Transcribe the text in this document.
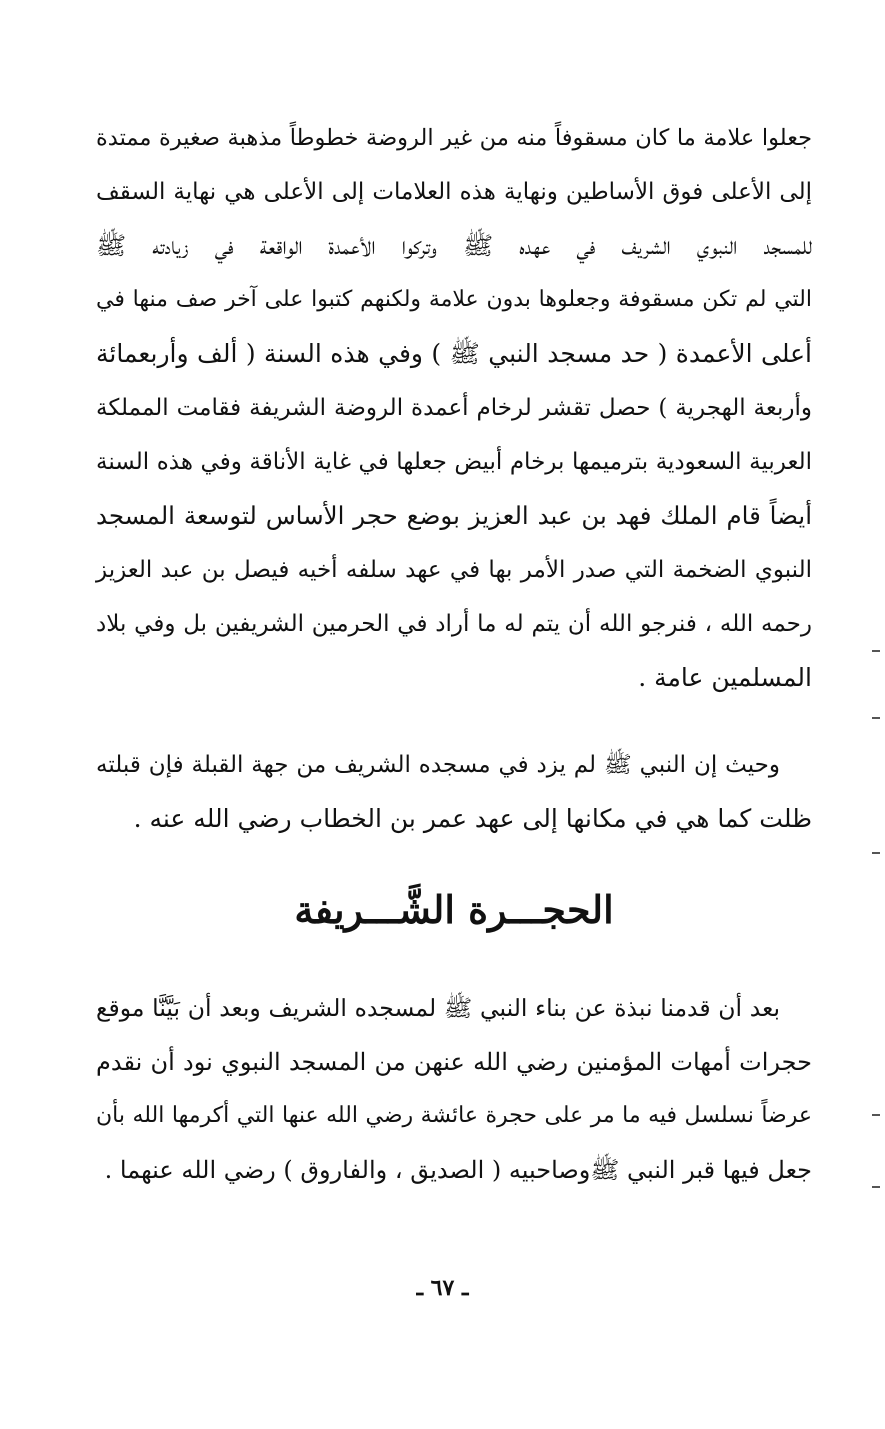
جعلوا علامة ما كان مسقوفاً منه من غير الروضة خطوطاً مذهبة صغيرة ممتدة
إلى الأعلى فوق الأساطين ونهاية هذه العلامات إلى الأعلى هي نهاية السقف
للمسجد النبوي الشريف في عهده ﷺ وتركوا الأعمدة الواقعة في زيادته ﷺ
التي لم تكن مسقوفة وجعلوها بدون علامة ولكنهم كتبوا على آخر صف منها في
أعلى الأعمدة ( حد مسجد النبي ﷺ ) وفي هذه السنة ( ألف وأربعمائة
وأربعة الهجرية ) حصل تقشر لرخام أعمدة الروضة الشريفة فقامت المملكة
العربية السعودية بترميمها برخام أبيض جعلها في غاية الأناقة وفي هذه السنة
أيضاً قام الملك فهد بن عبد العزيز بوضع حجر الأساس لتوسعة المسجد
النبوي الضخمة التي صدر الأمر بها في عهد سلفه أخيه فيصل بن عبد العزيز
رحمه الله ، فنرجو الله أن يتم له ما أراد في الحرمين الشريفين بل وفي بلاد
المسلمين عامة .
وحيث إن النبي ﷺ لم يزد في مسجده الشريف من جهة القبلة فإن قبلته
ظلت كما هي في مكانها إلى عهد عمر بن الخطاب رضي الله عنه .
الحجـــرة الشَّـــريفة
بعد أن قدمنا نبذة عن بناء النبي ﷺ لمسجده الشريف وبعد أن بَيَّنَّا موقع
حجرات أمهات المؤمنين رضي الله عنهن من المسجد النبوي نود أن نقدم
عرضاً نسلسل فيه ما مر على حجرة عائشة رضي الله عنها التي أكرمها الله بأن
جعل فيها قبر النبي ﷺوصاحبيه ( الصديق ، والفاروق ) رضي الله عنهما .
ـ ٦٧ ـ
